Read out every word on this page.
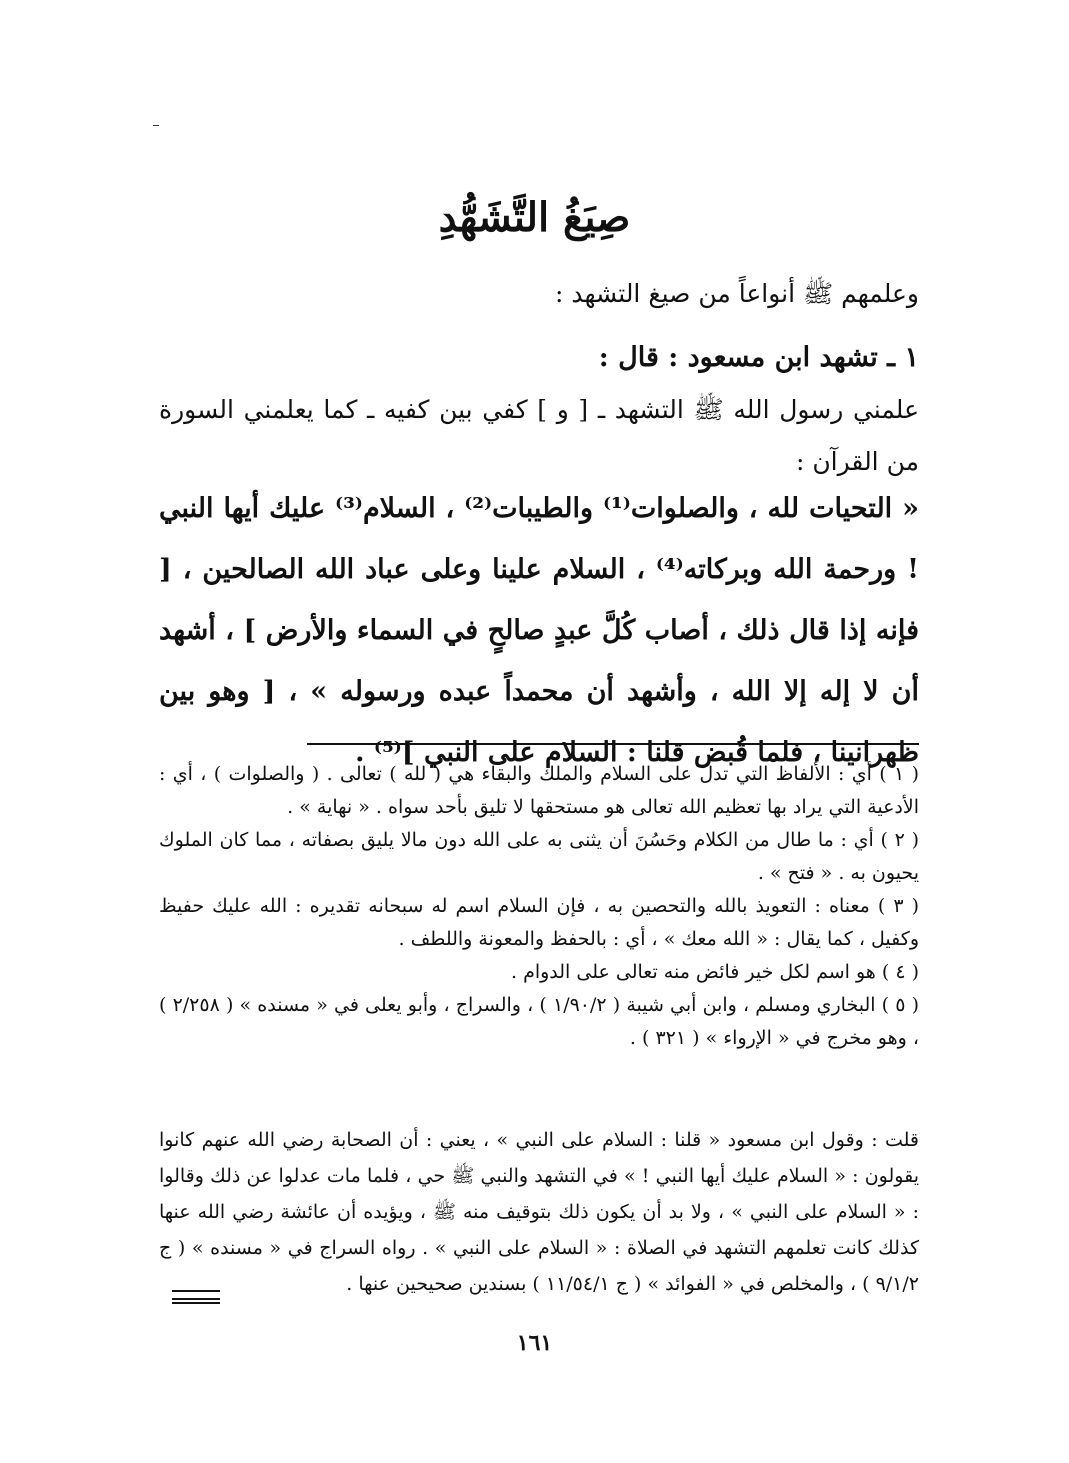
صِيَغُ التَّشَهُّدِ

وعلمهم ﷺ أنواعاً من صيغ التشهد :

١ ـ تشهد ابن مسعود : قال :

علمني رسول الله ﷺ التشهد ـ [ و ] كفي بين كفيه ـ كما يعلمني السورة من القرآن :

« التحيات لله ، والصلوات⁽¹⁾ والطيبات⁽²⁾ ، السلام⁽³⁾ عليك أيها النبي ! ورحمة الله وبركاته⁽⁴⁾ ، السلام علينا وعلى عباد الله الصالحين ، [ فإنه إذا قال ذلك ، أصاب كُلَّ عبدٍ صالحٍ في السماء والأرض ] ، أشهد أن لا إله إلا الله ، وأشهد أن محمداً عبده ورسوله » ، [ وهو بين ظهرانينا ، فلما قُبض قلنا : السلام على النبي ]⁽⁵⁾ .

( ١ ) أي : الألفاظ التي تدل على السلام والملك والبقاء هي ( لله ) تعالى . ( والصلوات ) ، أي : الأدعية التي يراد بها تعظيم الله تعالى هو مستحقها لا تليق بأحد سواه . « نهاية » .

( ٢ ) أي : ما طال من الكلام وحَسُنَ أن يثنى به على الله دون مالا يليق بصفاته ، مما كان الملوك يحيون به . « فتح » .

( ٣ ) معناه : التعويذ بالله والتحصين به ، فإن السلام اسم له سبحانه تقديره : الله عليك حفيظ وكفيل ، كما يقال : « الله معك » ، أي : بالحفظ والمعونة واللطف .

( ٤ ) هو اسم لكل خير فائض منه تعالى على الدوام .

( ٥ ) البخاري ومسلم ، وابن أبي شيبة ( ١/٩٠/٢ ) ، والسراج ، وأبو يعلى في « مسنده » ( ٢/٢٥٨ ) ، وهو مخرج في « الإرواء » ( ٣٢١ ) .

قلت : وقول ابن مسعود « قلنا : السلام على النبي » ، يعني : أن الصحابة رضي الله عنهم كانوا يقولون : « السلام عليك أيها النبي ! » في التشهد والنبي ﷺ حي ، فلما مات عدلوا عن ذلك وقالوا : « السلام على النبي » ، ولا بد أن يكون ذلك بتوقيف منه ﷺ ، ويؤيده أن عائشة رضي الله عنها كذلك كانت تعلمهم التشهد في الصلاة : « السلام على النبي » . رواه السراج في « مسنده » ( ج ٩/١/٢ ) ، والمخلص في « الفوائد » ( ج ١١/٥٤/١ ) بسندين صحيحين عنها .

١٦١
